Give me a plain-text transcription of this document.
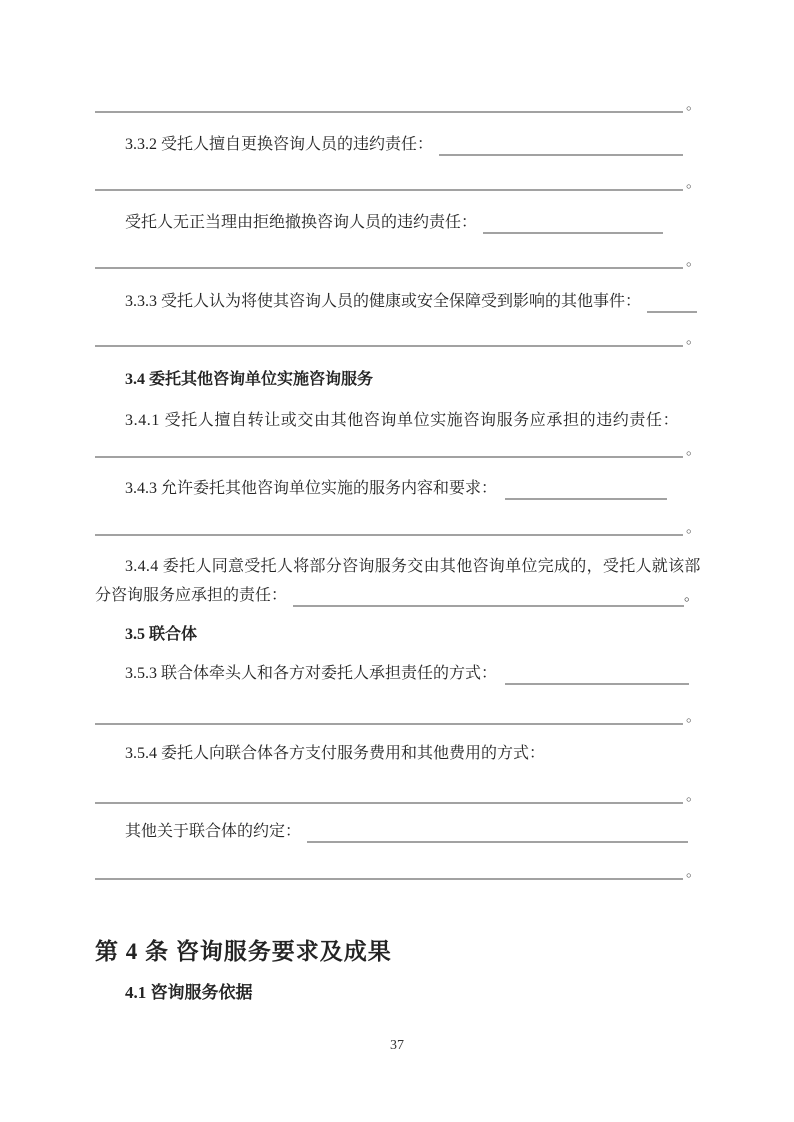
。
3.3.2 受托人擅自更换咨询人员的违约责任：
。
受托人无正当理由拒绝撤换咨询人员的违约责任：
。
3.3.3 受托人认为将使其咨询人员的健康或安全保障受到影响的其他事件：
。
3.4 委托其他咨询单位实施咨询服务
3.4.1 受托人擅自转让或交由其他咨询单位实施咨询服务应承担的违约责任：
。
3.4.3 允许委托其他咨询单位实施的服务内容和要求：
。
3.4.4 委托人同意受托人将部分咨询服务交由其他咨询单位完成的，受托人就该部
分咨询服务应承担的责任：	。
3.5 联合体
3.5.3 联合体牵头人和各方对委托人承担责任的方式：
。
3.5.4 委托人向联合体各方支付服务费用和其他费用的方式：
。
其他关于联合体的约定：
。
第 4 条 咨询服务要求及成果
4.1 咨询服务依据
37
